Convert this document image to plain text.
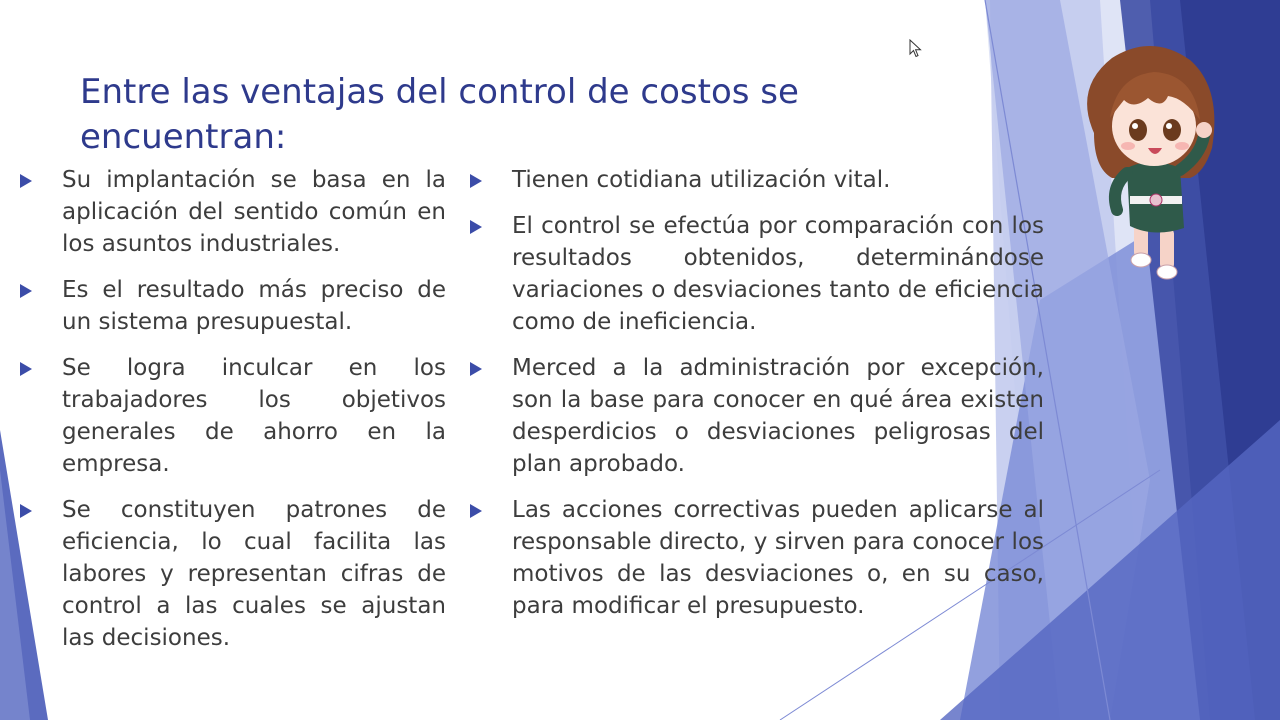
Entre las ventajas del control de costos se encuentran:
Su implantación se basa en la aplicación del sentido común en los asuntos industriales.
Es el resultado más preciso de un sistema presupuestal.
Se logra inculcar en los trabajadores los objetivos generales de ahorro en la empresa.
Se constituyen patrones de eficiencia, lo cual facilita las labores y representan cifras de control a las cuales se ajustan las decisiones.
Tienen cotidiana utilización vital.
El control se efectúa por comparación con los resultados obtenidos, determinándose variaciones o desviaciones tanto de eficiencia como de ineficiencia.
Merced a la administración por excepción, son la base para conocer en qué área existen desperdicios o desviaciones peligrosas del plan aprobado.
Las acciones correctivas pueden aplicarse al responsable directo, y sirven para conocer los motivos de las desviaciones o, en su caso, para modificar el presupuesto.
